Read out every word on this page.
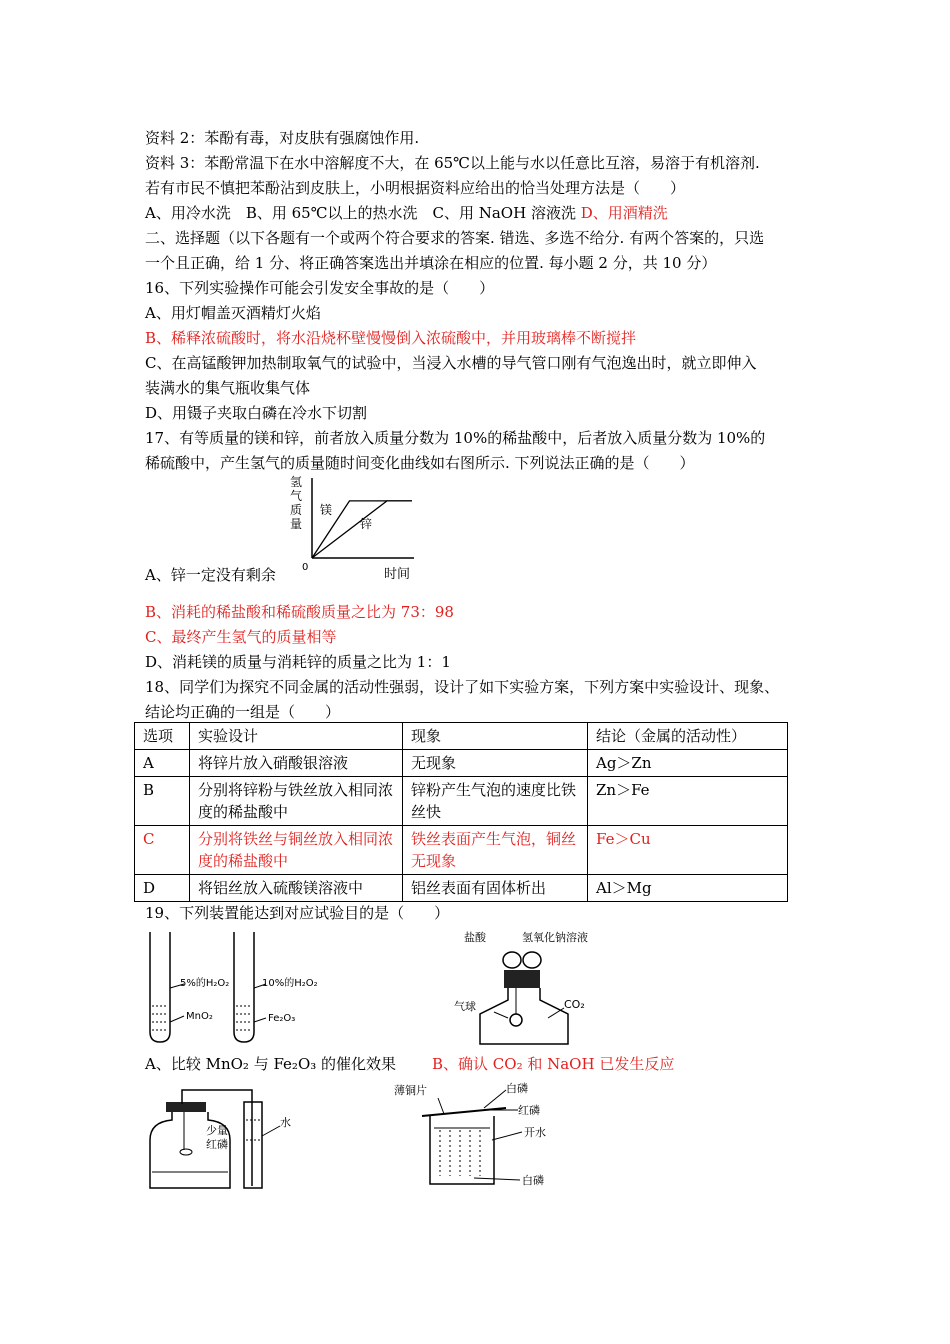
资料 2：苯酚有毒，对皮肤有强腐蚀作用.
资料 3：苯酚常温下在水中溶解度不大，在 65℃以上能与水以任意比互溶，易溶于有机溶剂.
若有市民不慎把苯酚沾到皮肤上，小明根据资料应给出的恰当处理方法是（　　）
A、用冷水洗　B、用 65℃以上的热水洗　C、用 NaOH 溶液洗 D、用酒精洗
二、选择题（以下各题有一个或两个符合要求的答案. 错选、多选不给分. 有两个答案的，只选
一个且正确，给 1 分、将正确答案选出并填涂在相应的位置. 每小题 2 分，共 10 分）
16、下列实验操作可能会引发安全事故的是（　　）
A、用灯帽盖灭酒精灯火焰
B、稀释浓硫酸时，将水沿烧杯壁慢慢倒入浓硫酸中，并用玻璃棒不断搅拌
C、在高锰酸钾加热制取氧气的试验中，当浸入水槽的导气管口刚有气泡逸出时，就立即伸入
装满水的集气瓶收集气体
D、用镊子夹取白磷在冷水下切割
17、有等质量的镁和锌，前者放入质量分数为 10%的稀盐酸中，后者放入质量分数为 10%的
稀硫酸中，产生氢气的质量随时间变化曲线如右图所示. 下列说法正确的是（　　）
氢气质量
镁
锌
0	时间
A、锌一定没有剩余
B、消耗的稀盐酸和稀硫酸质量之比为 73：98
C、最终产生氢气的质量相等
D、消耗镁的质量与消耗锌的质量之比为 1：1
18、同学们为探究不同金属的活动性强弱，设计了如下实验方案，下列方案中实验设计、现象、
结论均正确的一组是（　　）
选项	实验设计	现象	结论（金属的活动性）
A	将锌片放入硝酸银溶液	无现象	Ag＞Zn
B	分别将锌粉与铁丝放入相同浓度的稀盐酸中	锌粉产生气泡的速度比铁丝快	Zn＞Fe
C	分别将铁丝与铜丝放入相同浓度的稀盐酸中	铁丝表面产生气泡，铜丝无现象	Fe＞Cu
D	将铝丝放入硫酸镁溶液中	铝丝表面有固体析出	Al＞Mg
19、下列装置能达到对应试验目的是（　　）
5%的H₂O₂
MnO₂
10%的H₂O₂
Fe₂O₃
盐酸	氢氧化钠溶液
气球	CO₂
A、比较 MnO₂ 与 Fe₂O₃ 的催化效果 B、确认 CO₂ 和 NaOH 已发生反应
少量
红磷
水
薄铜片	白磷
红磷
开水
白磷
